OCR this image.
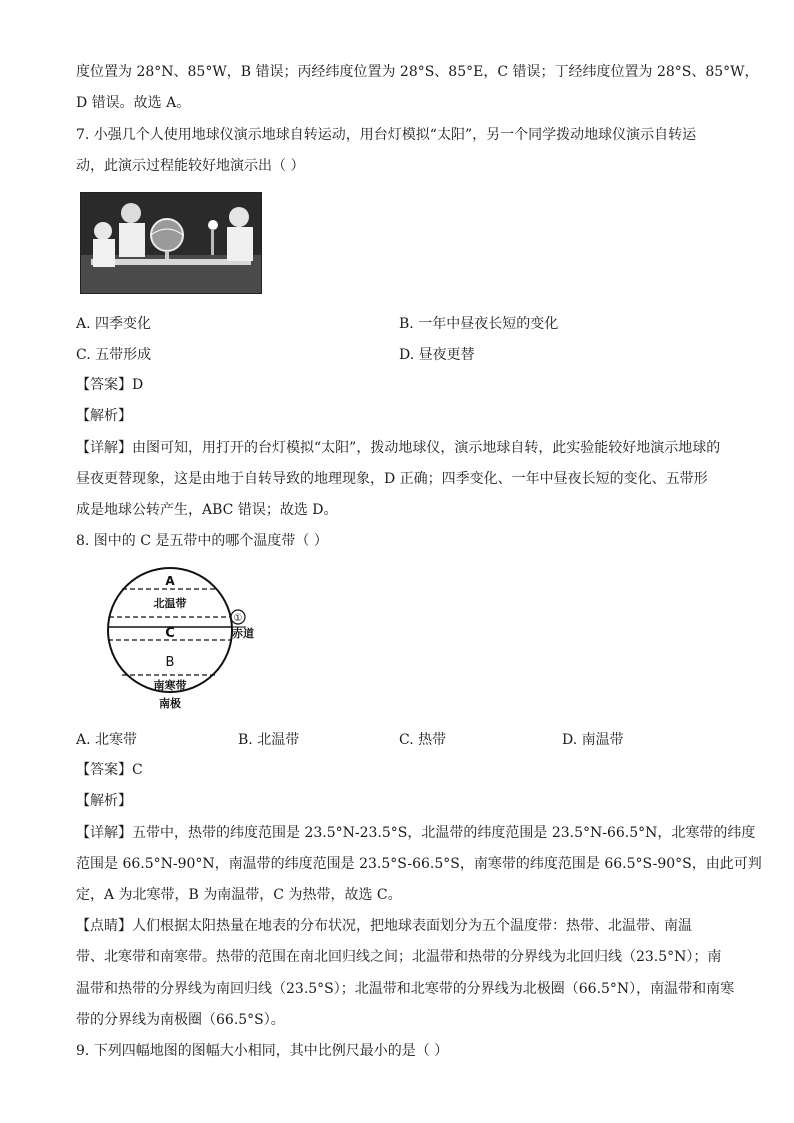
度位置为 28°N、85°W，B 错误；丙经纬度位置为 28°S、85°E，C 错误；丁经纬度位置为 28°S、85°W，
D 错误。故选 A。
7. 小强几个人使用地球仪演示地球自转运动，用台灯模拟“太阳”，另一个同学拨动地球仪演示自转运
动，此演示过程能较好地演示出（ ）
A. 四季变化	B. 一年中昼夜长短的变化
C. 五带形成	D. 昼夜更替
【答案】D
【解析】
【详解】由图可知，用打开的台灯模拟“太阳”，拨动地球仪，演示地球自转，此实验能较好地演示地球的
昼夜更替现象，这是由地于自转导致的地理现象，D 正确；四季变化、一年中昼夜长短的变化、五带形
成是地球公转产生，ABC 错误；故选 D。
8. 图中的 C 是五带中的哪个温度带（ ）
A
北温带
C
B
南寒带
南极
①
赤道
A. 北寒带	B. 北温带	C. 热带	D. 南温带
【答案】C
【解析】
【详解】五带中，热带的纬度范围是 23.5°N-23.5°S，北温带的纬度范围是 23.5°N-66.5°N，北寒带的纬度
范围是 66.5°N-90°N，南温带的纬度范围是 23.5°S-66.5°S，南寒带的纬度范围是 66.5°S-90°S，由此可判
定，A 为北寒带，B 为南温带，C 为热带，故选 C。
【点睛】人们根据太阳热量在地表的分布状况，把地球表面划分为五个温度带：热带、北温带、南温
带、北寒带和南寒带。热带的范围在南北回归线之间；北温带和热带的分界线为北回归线（23.5°N）；南
温带和热带的分界线为南回归线（23.5°S）；北温带和北寒带的分界线为北极圈（66.5°N），南温带和南寒
带的分界线为南极圈（66.5°S）。
9. 下列四幅地图的图幅大小相同，其中比例尺最小的是（ ）
